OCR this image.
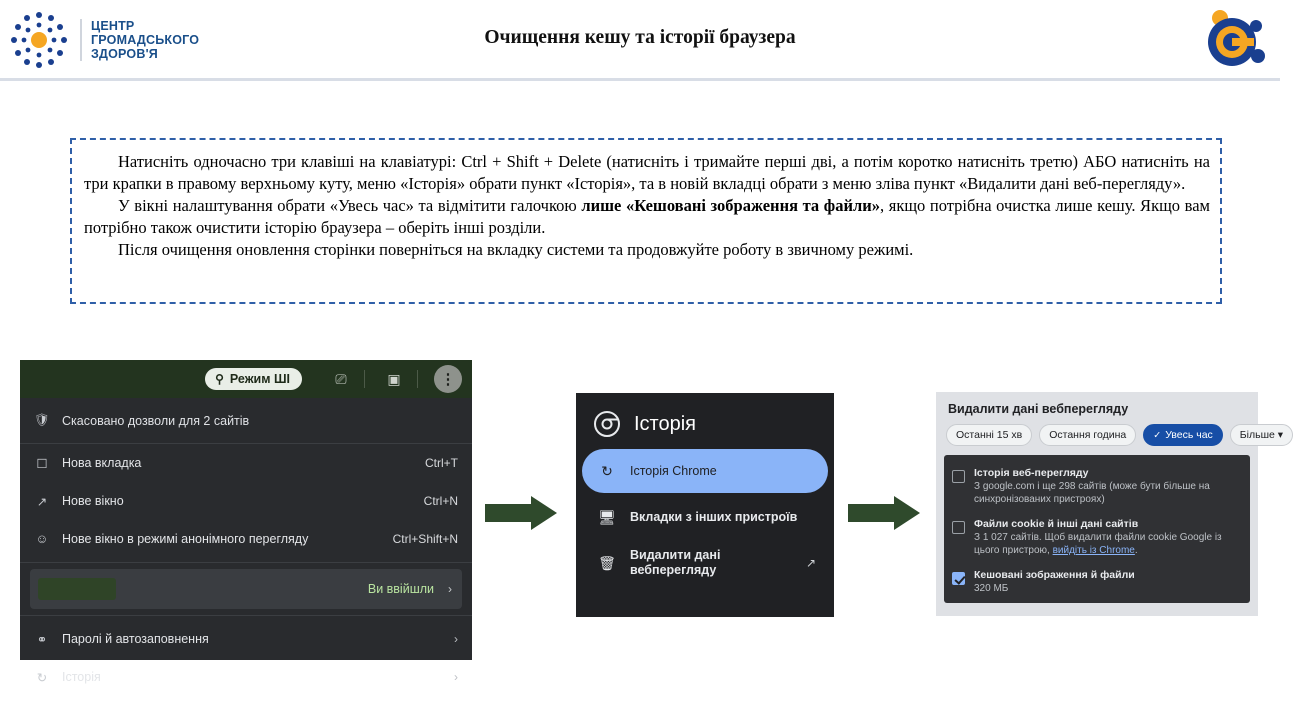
ЦЕНТР
ГРОМАДСЬКОГО
ЗДОРОВ'Я
Очищення кешу та історії браузера

Натисніть одночасно три клавіші на клавіатурі: Ctrl + Shift + Delete (натисніть і тримайте перші дві, а потім коротко натисніть третю) АБО натисніть на три крапки в правому верхньому куту, меню «Історія» обрати пункт «Історія», та в новій вкладці обрати з меню зліва пункт «Видалити дані веб-перегляду».

У вікні налаштування обрати «Увесь час» та відмітити галочкою лише «Кешовані зображення та файли», якщо потрібна очистка лише кешу. Якщо вам потрібно також очистити історію браузера – оберіть інші розділи.

Після очищення оновлення сторінки поверніться на вкладку системи та продовжуйте роботу в звичному режимі.

⚲ Режим ШІ	⎚	▣	⋮
🛡 Скасовано дозволи для 2 сайтів
☐ Нова вкладка	Ctrl+T
↗ Нове вікно	Ctrl+N
☺ Нове вікно в режимі анонімного перегляду	Ctrl+Shift+N
Ви ввійшли	›
⚭ Паролі й автозаповнення	›
↻ Історія	›
Історія
↻ Історія Chrome
🖥 Вкладки з інших пристроїв
🗑 Видалити дані вебперегляду	↗
Видалити дані вебперегляду
Останні 15 хв	Остання година	✓ Увесь час	Більше ▾
Історія веб-перегляду
З google.com і ще 298 сайтів (може бути більше на синхронізованих пристроях)
Файли cookie й інші дані сайтів
З 1 027 сайтів. Щоб видалити файли cookie Google із цього пристрою, вийдіть із Chrome.
Кешовані зображення й файли
320 МБ
